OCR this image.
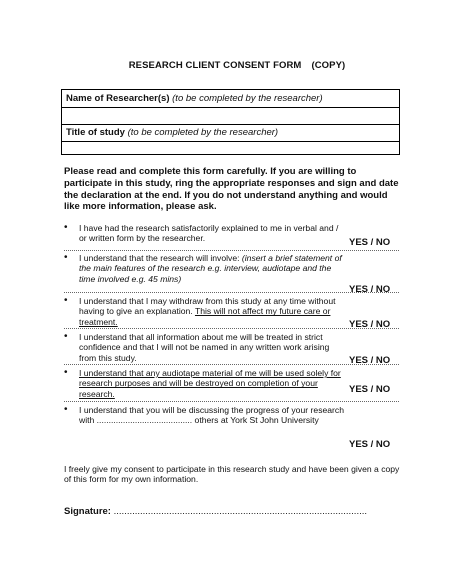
RESEARCH CLIENT CONSENT FORM (COPY)
Name of Researcher(s) (to be completed by the researcher)
Title of study (to be completed by the researcher)
Please read and complete this form carefully. If you are willing to participate in this study, ring the appropriate responses and sign and date the declaration at the end. If you do not understand anything and would like more information, please ask.
• I have had the research satisfactorily explained to me in verbal and / or written form by the researcher.	YES / NO
• I understand that the research will involve: (insert a brief statement of the main features of the research e.g. interview, audiotape and the time involved e.g. 45 mins)
YES / NO
• I understand that I may withdraw from this study at any time without having to give an explanation. This will not affect my future care or treatment.	YES / NO
• I understand that all information about me will be treated in strict confidence and that I will not be named in any written work arising from this study.	YES / NO
• I understand that any audiotape material of me will be used solely for research purposes and will be destroyed on completion of your research.	YES / NO
• I understand that you will be discussing the progress of your research with ........................................ others at York St John University
YES / NO
I freely give my consent to participate in this research study and have been given a copy of this form for my own information.
Signature: ................................................................................................
